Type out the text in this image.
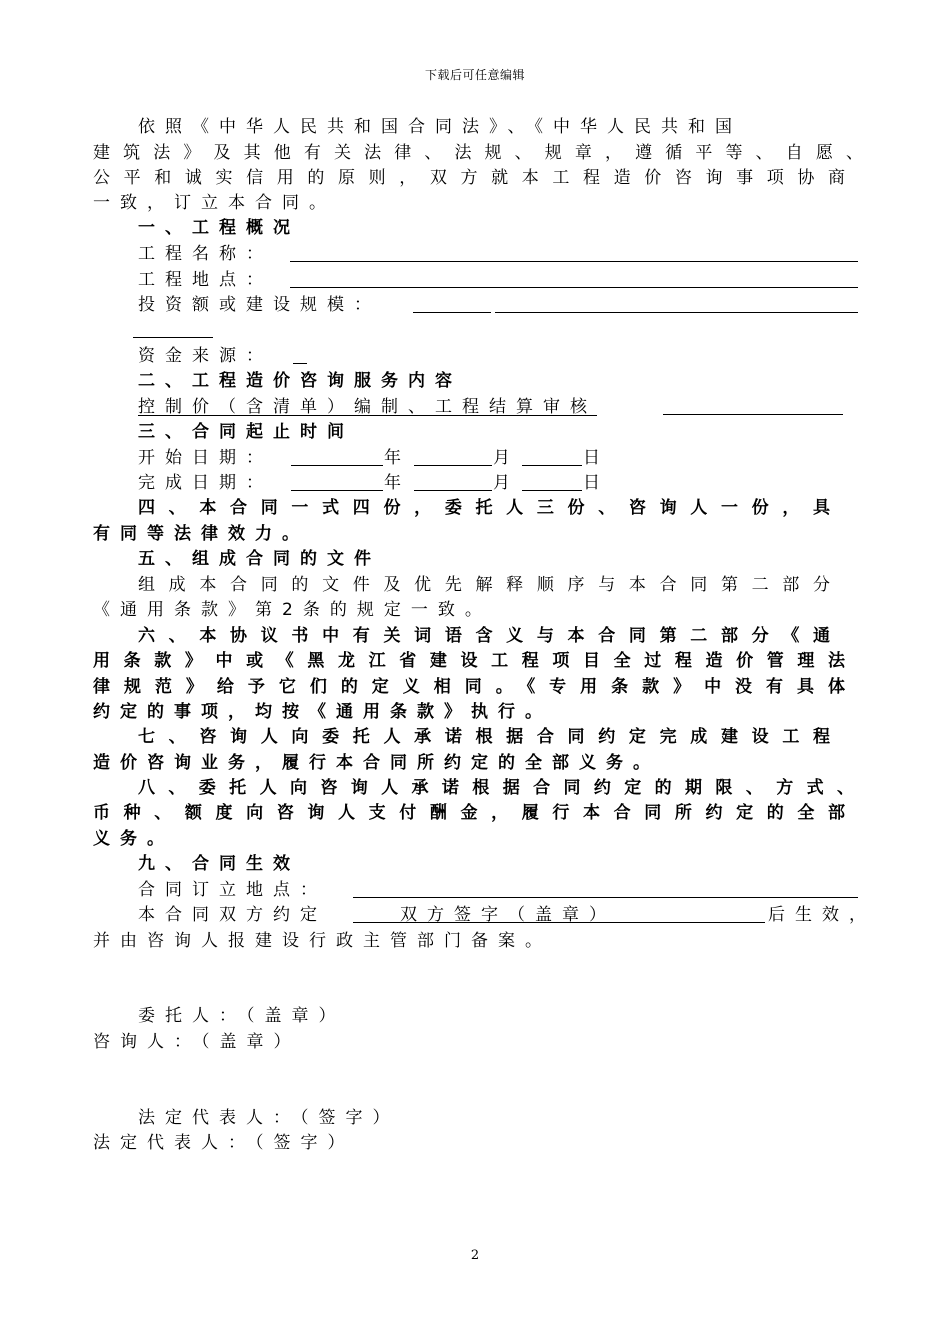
下载后可任意编辑
依照《中华人民共和国合同法》、《中华人民共和国
建筑法》及其他有关法律、法规、规章，遵循平等、自愿、
公平和诚实信用的原则，双方就本工程造价咨询事项协商
一致，订立本合同。
一、工程概况
工程名称：
工程地点：
投资额或建设规模：
资金来源：
二、工程造价咨询服务内容
控制价（含清单）编制、工程结算审核
三、合同起止时间
开始日期：	年	月	日
完成日期：	年	月	日
四、本合同一式四份，委托人三份、咨询人一份，具
有同等法律效力。
五、组成合同的文件
组成本合同的文件及优先解释顺序与本合同第二部分
《通用条款》第2条的规定一致。
六、本协议书中有关词语含义与本合同第二部分《通
用条款》中或《黑龙江省建设工程项目全过程造价管理法
律规范》给予它们的定义相同。《专用条款》中没有具体
约定的事项，均按《通用条款》执行。
七、咨询人向委托人承诺根据合同约定完成建设工程
造价咨询业务，履行本合同所约定的全部义务。
八、委托人向咨询人承诺根据合同约定的期限、方式、
币种、额度向咨询人支付酬金，履行本合同所约定的全部
义务。
九、合同生效
合同订立地点：
本合同双方约定	双方签字（盖章）	后生效，
并由咨询人报建设行政主管部门备案。
委托人：（盖章）
咨询人：（盖章）
法定代表人：（签字）
法定代表人：（签字）
2
